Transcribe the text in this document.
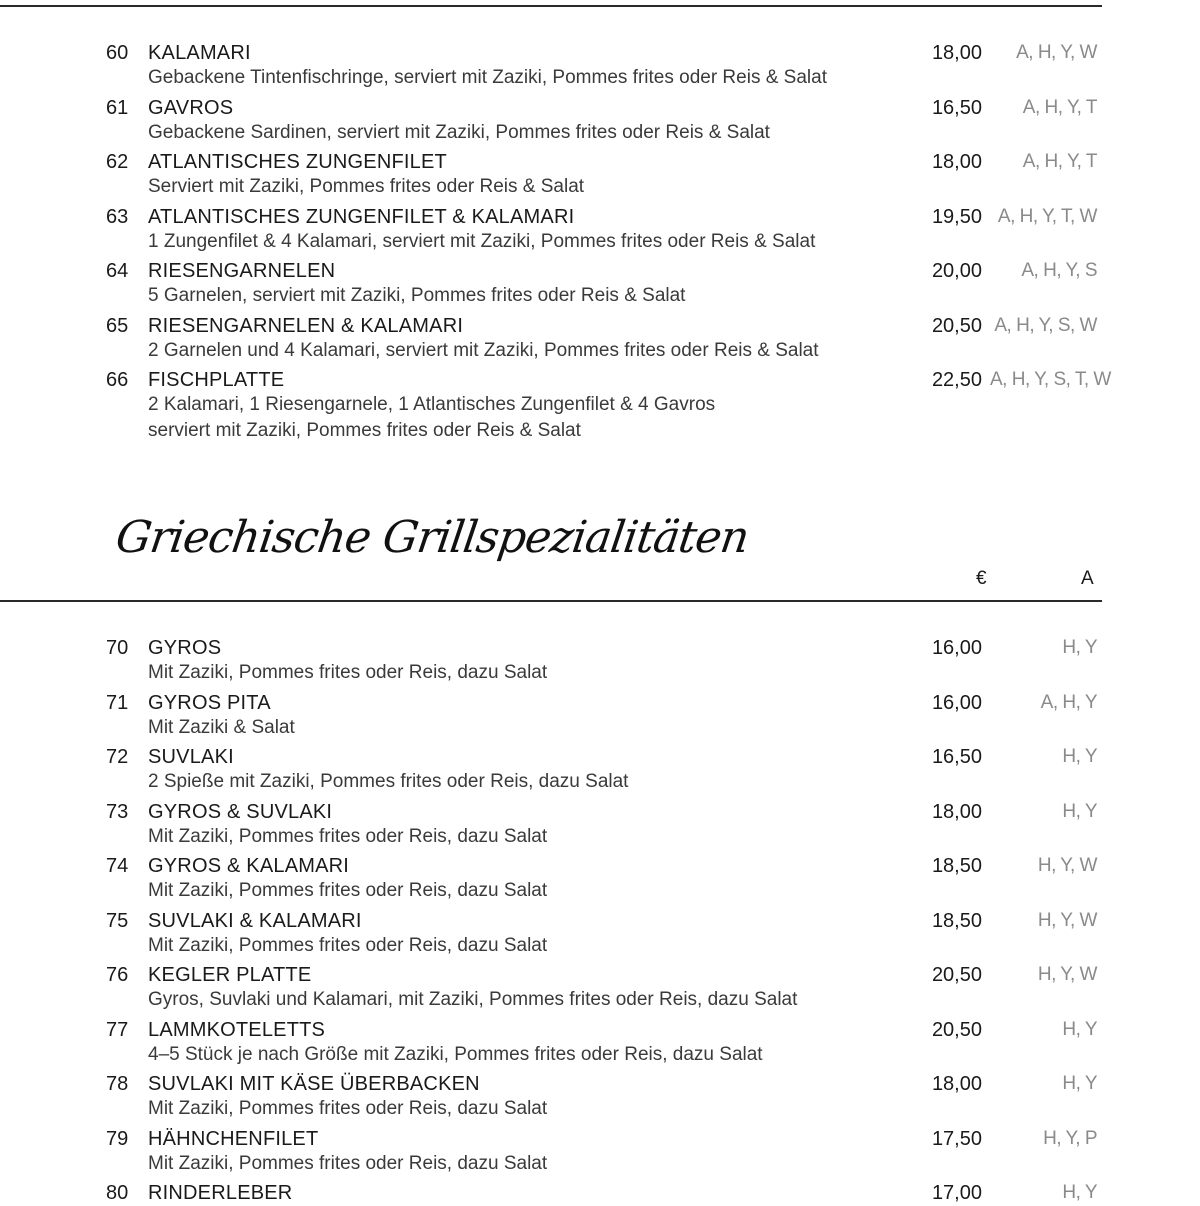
60 KALAMARI	18,00	A, H, Y, W
Gebackene Tintenfischringe, serviert mit Zaziki, Pommes frites oder Reis & Salat
61 GAVROS	16,50	A, H, Y, T
Gebackene Sardinen, serviert mit Zaziki, Pommes frites oder Reis & Salat
62 ATLANTISCHES ZUNGENFILET	18,00	A, H, Y, T
Serviert mit Zaziki, Pommes frites oder Reis & Salat
63 ATLANTISCHES ZUNGENFILET & KALAMARI	19,50 A, H, Y, T, W
1 Zungenfilet & 4 Kalamari, serviert mit Zaziki, Pommes frites oder Reis & Salat
64 RIESENGARNELEN	20,00	A, H, Y, S
5 Garnelen, serviert mit Zaziki, Pommes frites oder Reis & Salat
65 RIESENGARNELEN & KALAMARI	20,50 A, H, Y, S, W
2 Garnelen und 4 Kalamari, serviert mit Zaziki, Pommes frites oder Reis & Salat
66 FISCHPLATTE	22,50 A, H, Y, S, T, W
2 Kalamari, 1 Riesengarnele, 1 Atlantisches Zungenfilet & 4 Gavros
serviert mit Zaziki, Pommes frites oder Reis & Salat
Griechische Grillspezialitäten
€	A
70 GYROS	16,00	H, Y
Mit Zaziki, Pommes frites oder Reis, dazu Salat
71 GYROS PITA	16,00	A, H, Y
Mit Zaziki & Salat
72 SUVLAKI	16,50	H, Y
2 Spieße mit Zaziki, Pommes frites oder Reis, dazu Salat
73 GYROS & SUVLAKI	18,00	H, Y
Mit Zaziki, Pommes frites oder Reis, dazu Salat
74 GYROS & KALAMARI	18,50	H, Y, W
Mit Zaziki, Pommes frites oder Reis, dazu Salat
75 SUVLAKI & KALAMARI	18,50	H, Y, W
Mit Zaziki, Pommes frites oder Reis, dazu Salat
76 KEGLER PLATTE	20,50	H, Y, W
Gyros, Suvlaki und Kalamari, mit Zaziki, Pommes frites oder Reis, dazu Salat
77 LAMMKOTELETTS	20,50	H, Y
4–5 Stück je nach Größe mit Zaziki, Pommes frites oder Reis, dazu Salat
78 SUVLAKI MIT KÄSE ÜBERBACKEN	18,00	H, Y
Mit Zaziki, Pommes frites oder Reis, dazu Salat
79 HÄHNCHENFILET	17,50	H, Y, P
Mit Zaziki, Pommes frites oder Reis, dazu Salat
80 RINDERLEBER	17,00	H, Y
